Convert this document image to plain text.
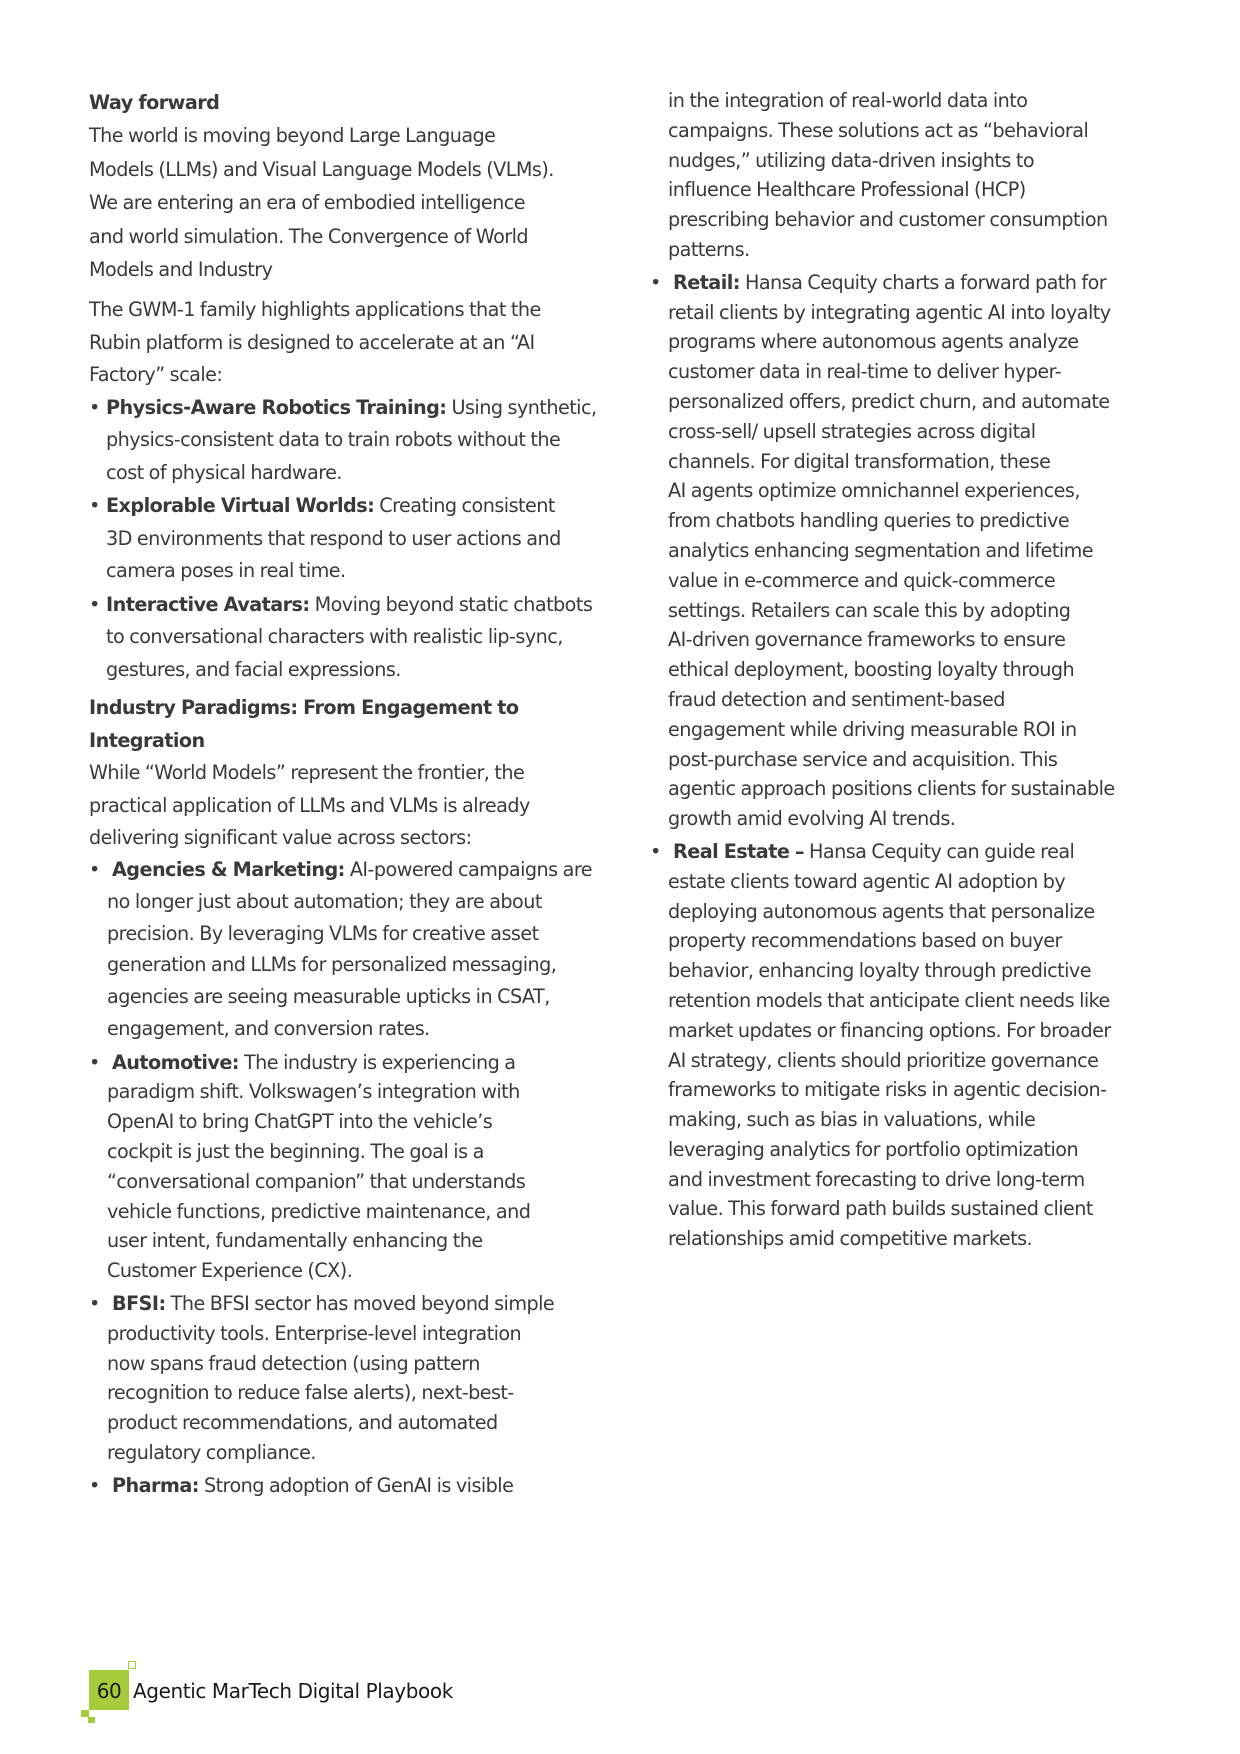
Way forward

The world is moving beyond Large Language
Models (LLMs) and Visual Language Models (VLMs).
We are entering an era of embodied intelligence
and world simulation. The Convergence of World
Models and Industry

The GWM-1 family highlights applications that the
Rubin platform is designed to accelerate at an “AI
Factory” scale:

• Physics-Aware Robotics Training: Using synthetic,
physics-consistent data to train robots without the
cost of physical hardware.
• Explorable Virtual Worlds: Creating consistent
3D environments that respond to user actions and
camera poses in real time.
• Interactive Avatars: Moving beyond static chatbots
to conversational characters with realistic lip-sync,
gestures, and facial expressions.
Industry Paradigms: From Engagement to
Integration

While “World Models” represent the frontier, the
practical application of LLMs and VLMs is already
delivering significant value across sectors:

• Agencies & Marketing: AI-powered campaigns are
no longer just about automation; they are about
precision. By leveraging VLMs for creative asset
generation and LLMs for personalized messaging,
agencies are seeing measurable upticks in CSAT,
engagement, and conversion rates.
• Automotive: The industry is experiencing a
paradigm shift. Volkswagen’s integration with
OpenAI to bring ChatGPT into the vehicle’s
cockpit is just the beginning. The goal is a
“conversational companion” that understands
vehicle functions, predictive maintenance, and
user intent, fundamentally enhancing the
Customer Experience (CX).
• BFSI: The BFSI sector has moved beyond simple
productivity tools. Enterprise-level integration
now spans fraud detection (using pattern
recognition to reduce false alerts), next-best-
product recommendations, and automated
regulatory compliance.
• Pharma: Strong adoption of GenAI is visible

in the integration of real-world data into
campaigns. These solutions act as “behavioral
nudges,” utilizing data-driven insights to
influence Healthcare Professional (HCP)
prescribing behavior and customer consumption
patterns.

• Retail: Hansa Cequity charts a forward path for
retail clients by integrating agentic AI into loyalty
programs where autonomous agents analyze
customer data in real-time to deliver hyper-
personalized offers, predict churn, and automate
cross-sell/ upsell strategies across digital
channels. For digital transformation, these
AI agents optimize omnichannel experiences,
from chatbots handling queries to predictive
analytics enhancing segmentation and lifetime
value in e-commerce and quick-commerce
settings. Retailers can scale this by adopting
AI-driven governance frameworks to ensure
ethical deployment, boosting loyalty through
fraud detection and sentiment-based
engagement while driving measurable ROI in
post-purchase service and acquisition. This
agentic approach positions clients for sustainable
growth amid evolving AI trends.
• Real Estate – Hansa Cequity can guide real
estate clients toward agentic AI adoption by
deploying autonomous agents that personalize
property recommendations based on buyer
behavior, enhancing loyalty through predictive
retention models that anticipate client needs like
market updates or financing options. For broader
AI strategy, clients should prioritize governance
frameworks to mitigate risks in agentic decision-
making, such as bias in valuations, while
leveraging analytics for portfolio optimization
and investment forecasting to drive long-term
value. This forward path builds sustained client
relationships amid competitive markets.
60 Agentic MarTech Digital Playbook
